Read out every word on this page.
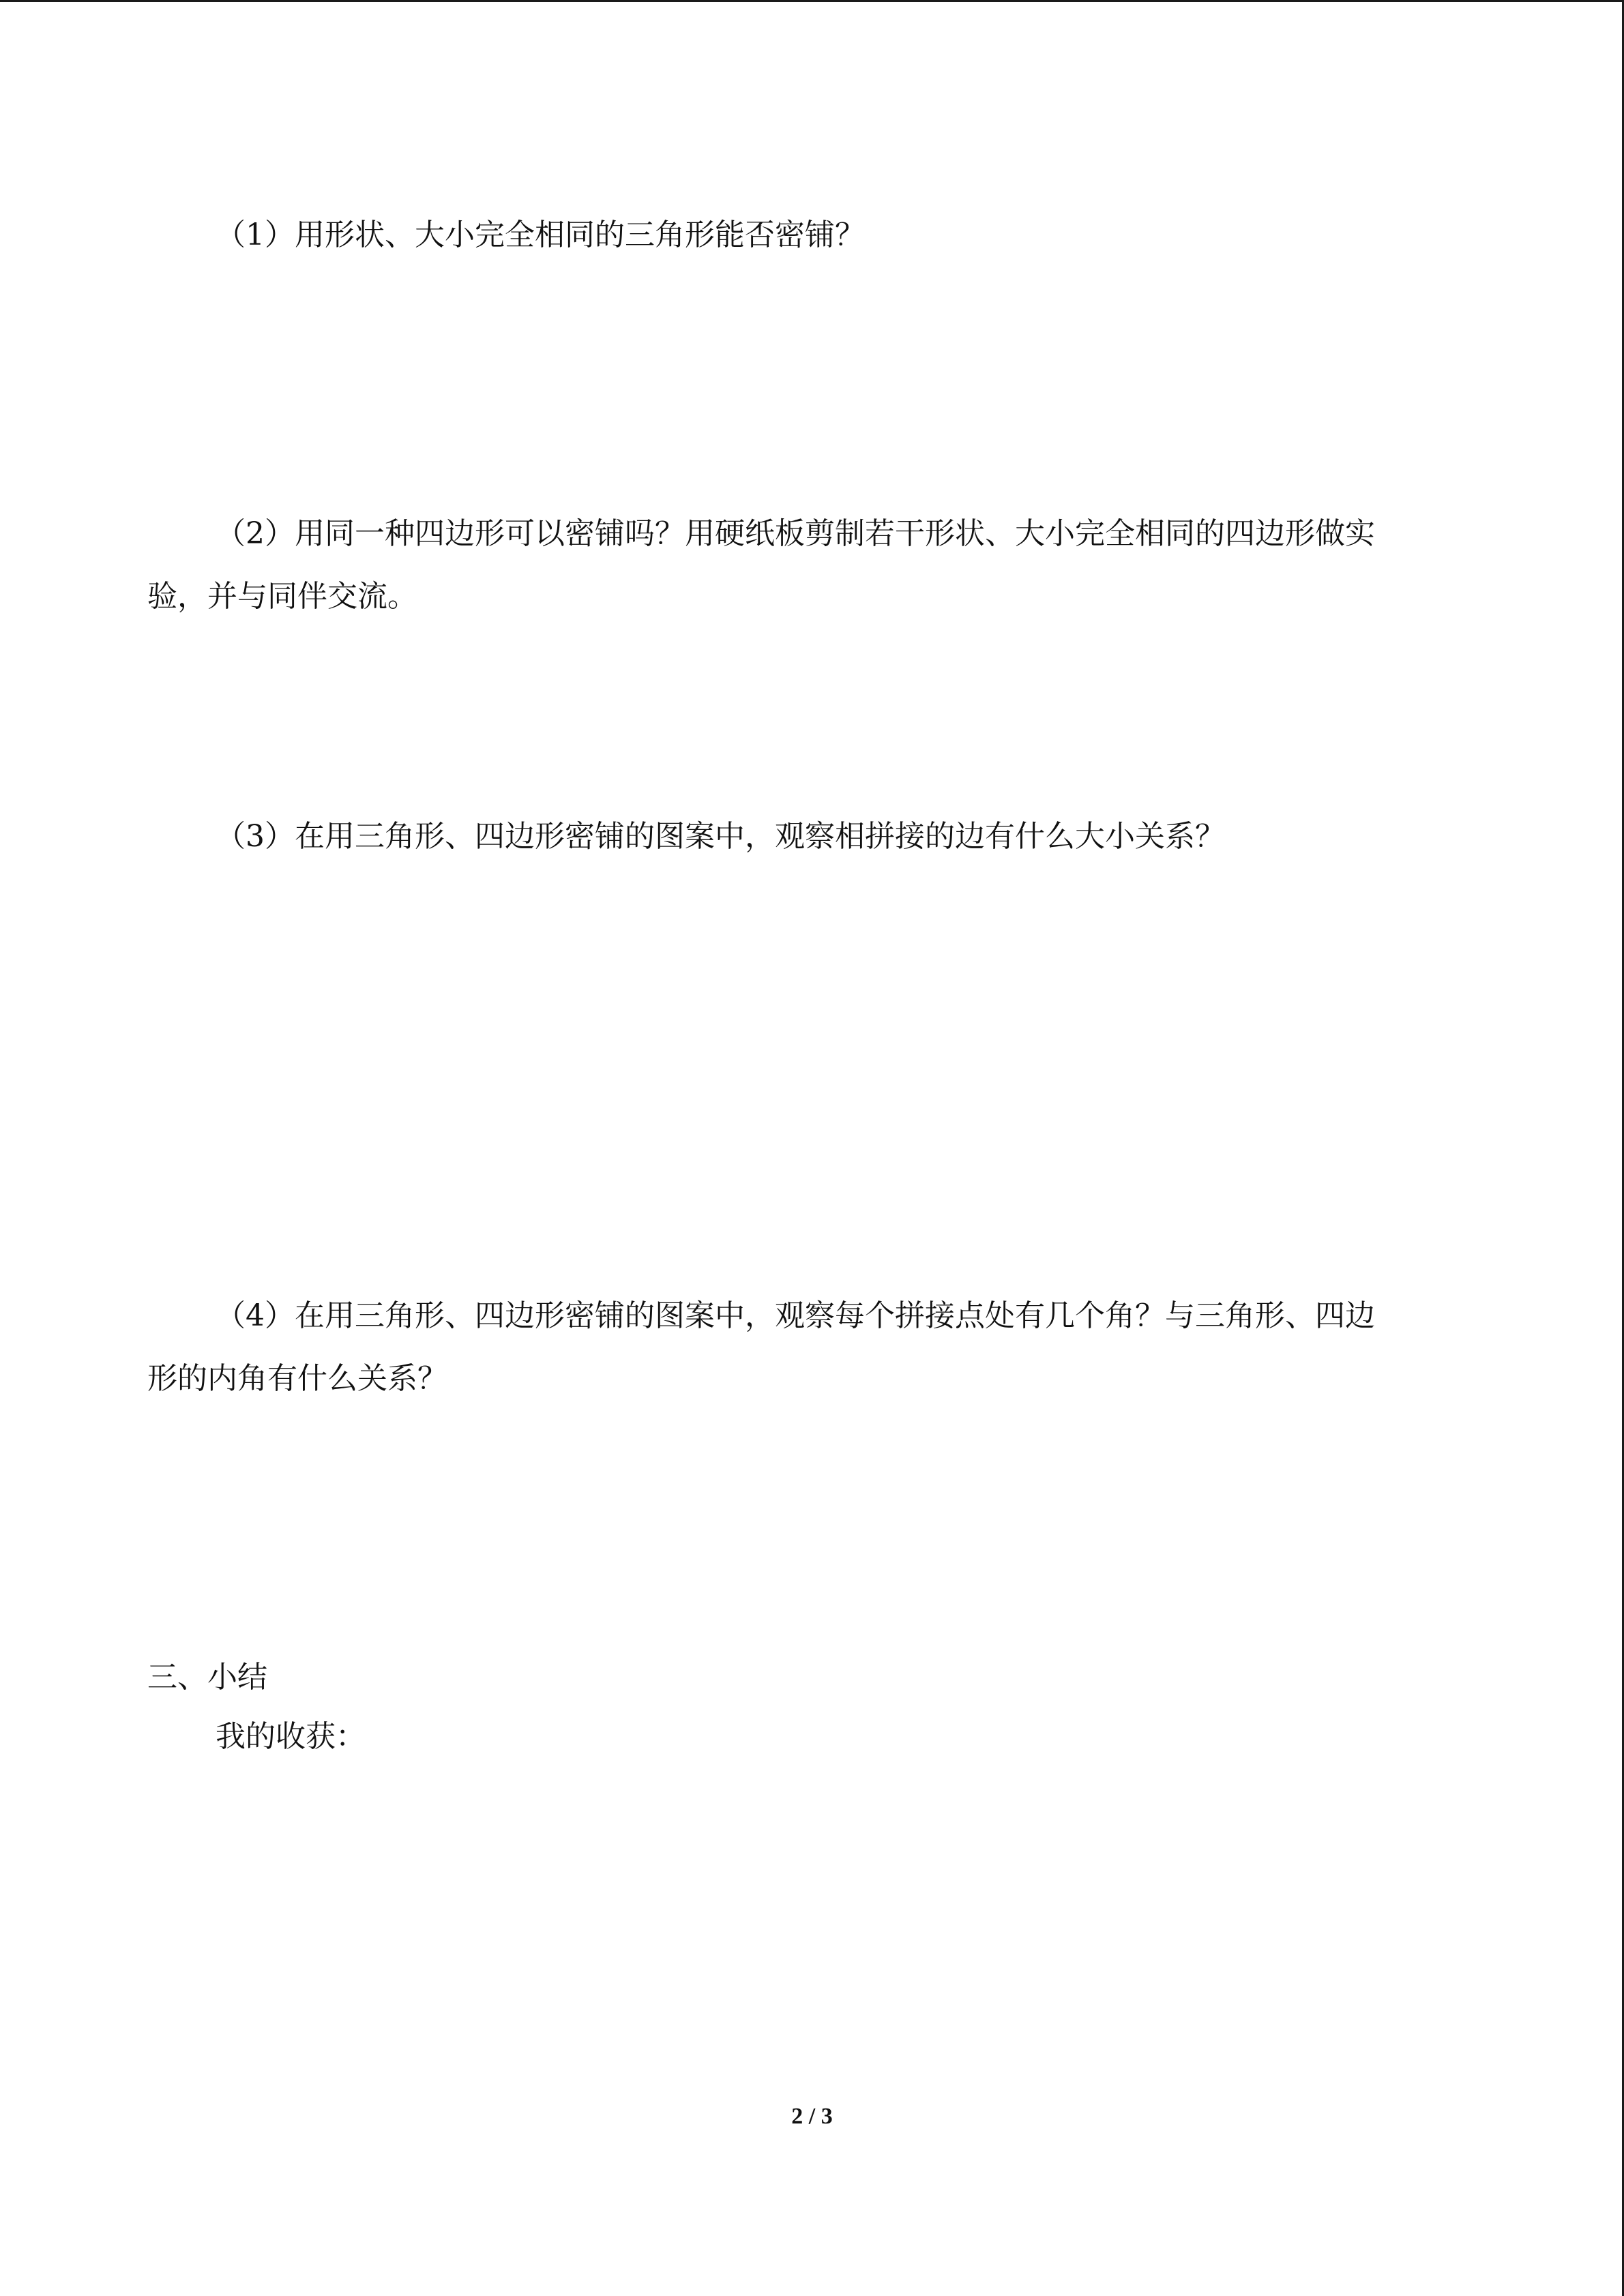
（1）用形状、大小完全相同的三角形能否密铺？
（2）用同一种四边形可以密铺吗？用硬纸板剪制若干形状、大小完全相同的四边形做实
验，并与同伴交流。
（3）在用三角形、四边形密铺的图案中，观察相拼接的边有什么大小关系？
（4）在用三角形、四边形密铺的图案中，观察每个拼接点处有几个角？与三角形、四边
形的内角有什么关系？
三、小结
我的收获：
2 / 3
